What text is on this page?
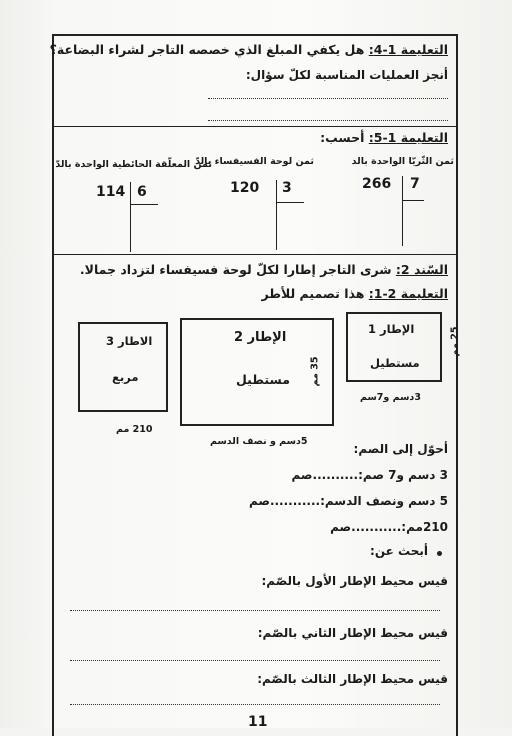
التعليمة 1-4: هل يكفي المبلغ الذي خصصه التاجر لشراء البضاعة؟
أنجز العمليات المناسبة لكلّ سؤال:
التعليمة 1-5: أحسب:
ثمن الثّريّا الواحدة بالد
ثمن لوحة الفسيفساء بالدّ
ثمن المعلّقة الحائطية الواحدة بالدّ
266 7
120 3
114 6
السّند 2: شرى التاجر إطارا لكلّ لوحة فسيفساء لتزداد جمالا.
التعليمة 2-1: هذا تصميم للأطر
الإطار 1
مستطيل
25 مم
3دسم و7سم
الإطار 2
مستطيل 35 مم
5دسم و نصف الدسم
الاطار 3
مربع
210 مم
أحوّل إلى الصم:
3 دسم و7 صم:..........صم
5 دسم ونصف الدسم:...........صم
210مم:...........صم
أبحث عن:
قيس محيط الإطار الأول بالصّم:
قيس محيط الإطار الثاني بالصّم:
قيس محيط الإطار الثالث بالصّم:
11
